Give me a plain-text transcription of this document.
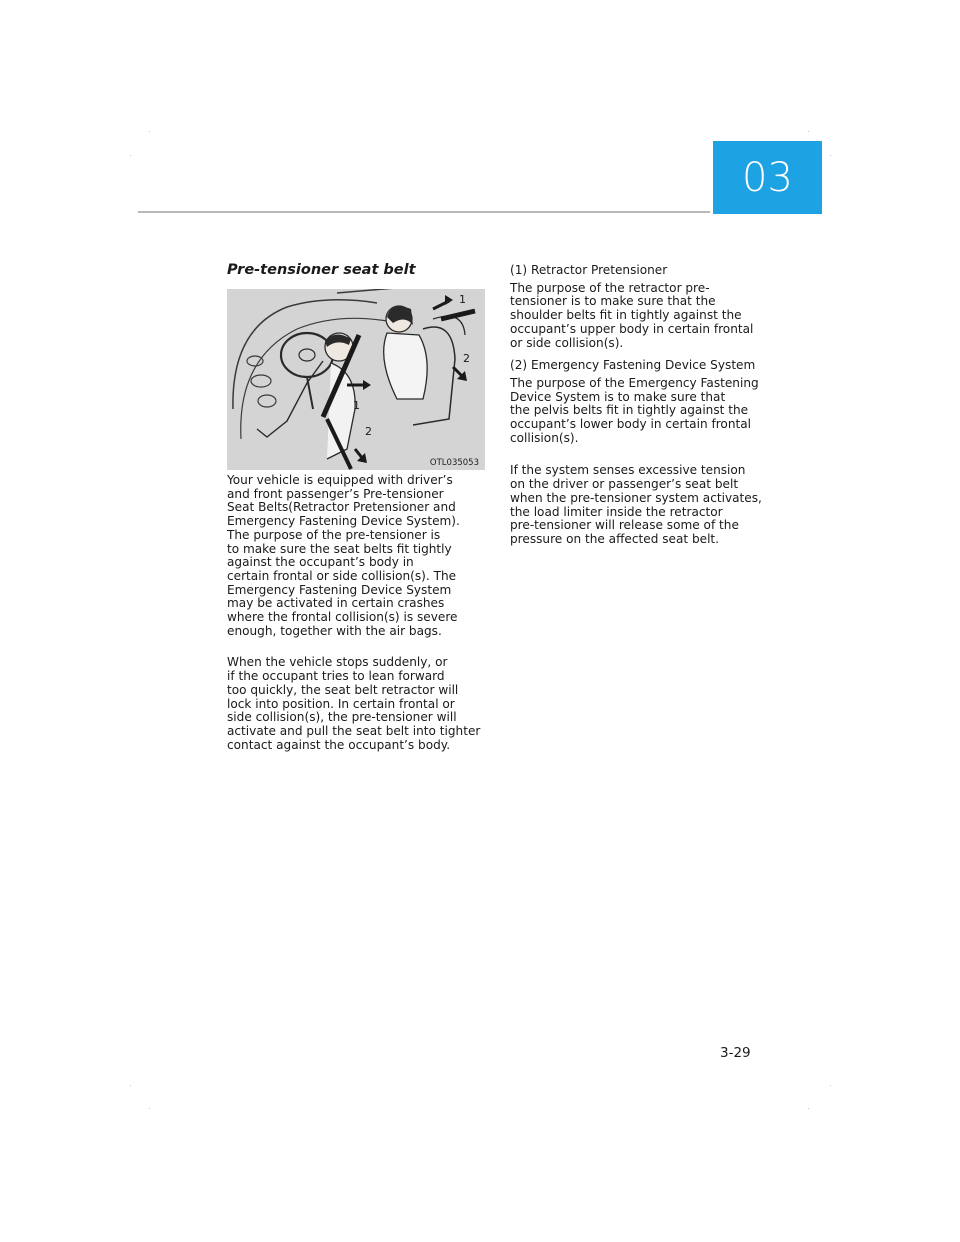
03
Pre-tensioner seat belt
1
2
1
2
OTL035053

Your vehicle is equipped with driver’s
and front passenger’s Pre-tensioner
Seat Belts(Retractor Pretensioner and
Emergency Fastening Device System).
The purpose of the pre-tensioner is
to make sure the seat belts fit tightly
against the occupant’s body in
certain frontal or side collision(s). The
Emergency Fastening Device System
may be activated in certain crashes
where the frontal collision(s) is severe
enough, together with the air bags.

When the vehicle stops suddenly, or
if the occupant tries to lean forward
too quickly, the seat belt retractor will
lock into position. In certain frontal or
side collision(s), the pre-tensioner will
activate and pull the seat belt into tighter
contact against the occupant’s body.

(1) Retractor Pretensioner

The purpose of the retractor pre-
tensioner is to make sure that the
shoulder belts fit in tightly against the
occupant’s upper body in certain frontal
or side collision(s).

(2) Emergency Fastening Device System

The purpose of the Emergency Fastening
Device System is to make sure that
the pelvis belts fit in tightly against the
occupant’s lower body in certain frontal
collision(s).

If the system senses excessive tension
on the driver or passenger’s seat belt
when the pre-tensioner system activates,
the load limiter inside the retractor
pre-tensioner will release some of the
pressure on the affected seat belt.

3-29
